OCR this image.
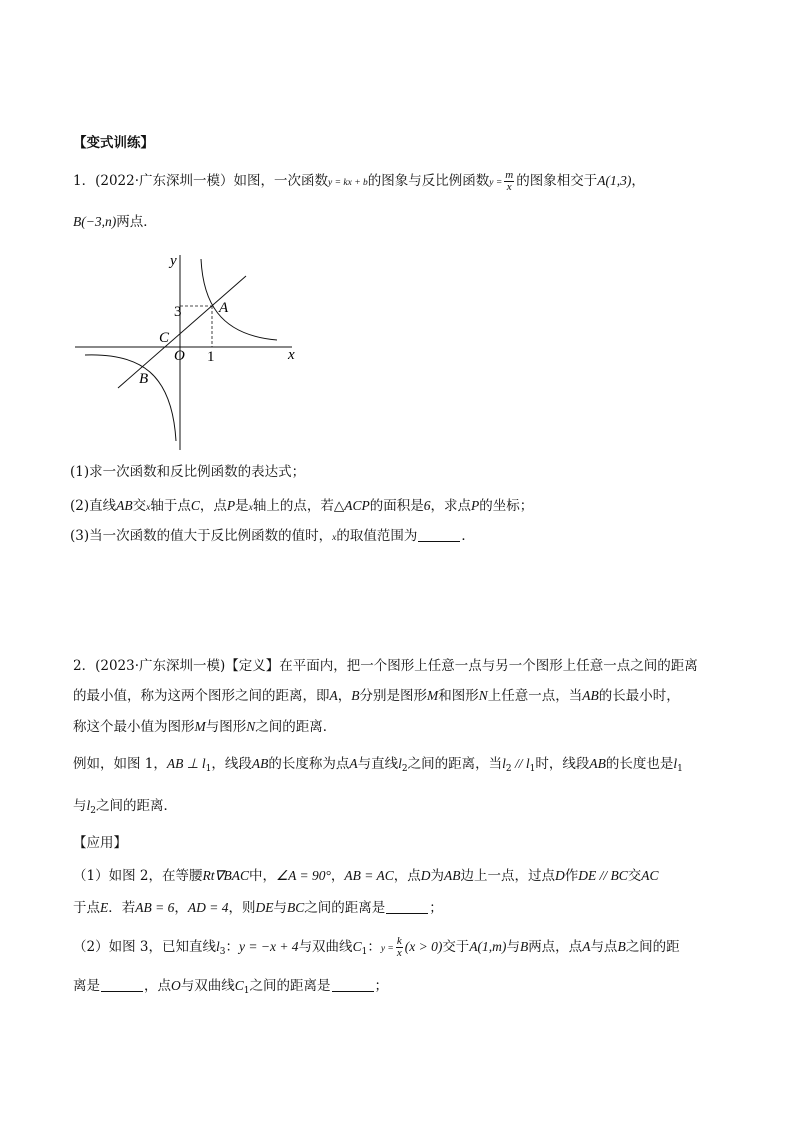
【变式训练】
1．(2022·广东深圳一模）如图，一次函数y = kx + b的图象与反比例函数$y = \frac{m}{x}$ 的图象相交于A(1,3)，
B(−3,n)两点．
y
x
O
A
B
C
3
1
(1)求一次函数和反比例函数的表达式；
(2)直线AB交x轴于点C，点P是x轴上的点，若△ACP的面积是6，求点P的坐标；
(3)当一次函数的值大于反比例函数的值时，x的取值范围为	．
2．(2023·广东深圳一模)【定义】在平面内，把一个图形上任意一点与另一个图形上任意一点之间的距离
的最小值，称为这两个图形之间的距离，即A，B分别是图形M和图形N上任意一点，当AB的长最小时，
称这个最小值为图形M与图形N之间的距离．
例如，如图 1，AB ⊥ $l_1$，线段AB的长度称为点A与直线$l_2$之间的距离，当$l_2 // l_1$时，线段AB的长度也是$l_1$
与$l_2$之间的距离．
【应用】
（1）如图 2，在等腰Rt∇BAC中，∠A = 90°，AB = AC，点D为AB边上一点，过点D作DE // BC交AC
于点E．若AB = 6，AD = 4，则DE与BC之间的距离是	；
（2）如图 3，已知直线$l_3$：y = −x + 4与双曲线$C_1$：$y = \frac{k}{x} (x > 0)$交于A(1,m)与B两点，点A与点B之间的距
离是	，点O与双曲线$C_1$之间的距离是	；
